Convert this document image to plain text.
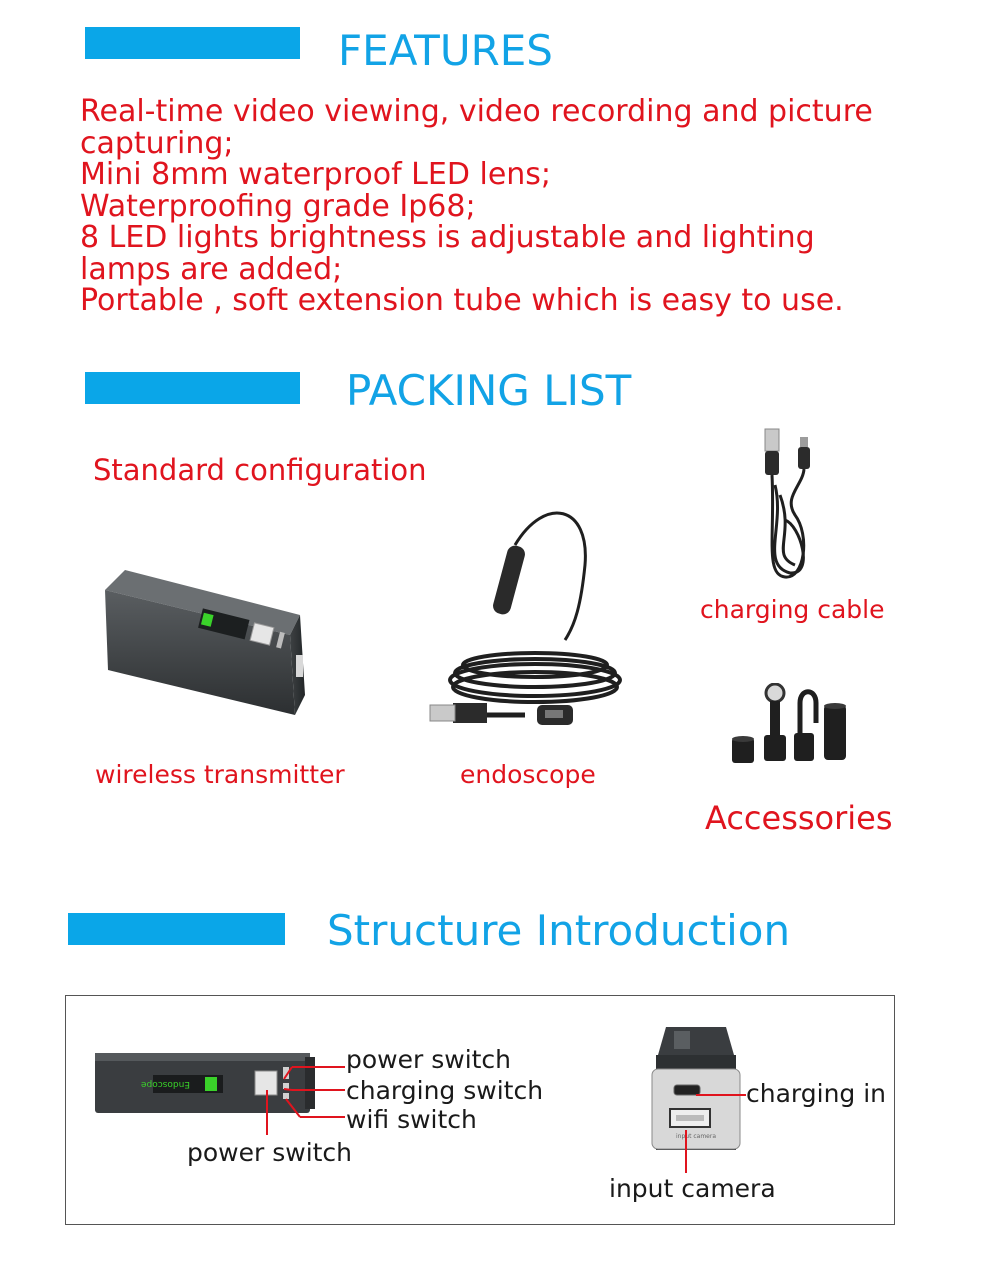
FEATURES
Real-time video viewing, video recording and picture capturing;
Mini 8mm waterproof LED lens;
Waterproofing grade Ip68;
8 LED lights brightness is adjustable and lighting lamps are added;
Portable , soft extension tube which is easy to use.
PACKING LIST
Standard configuration
wireless transmitter	endoscope
charging cable
Accessories
Structure Introduction
Endoscope
power switch
charging switch
wifi switch
power switch
input camera
charging in
input camera
